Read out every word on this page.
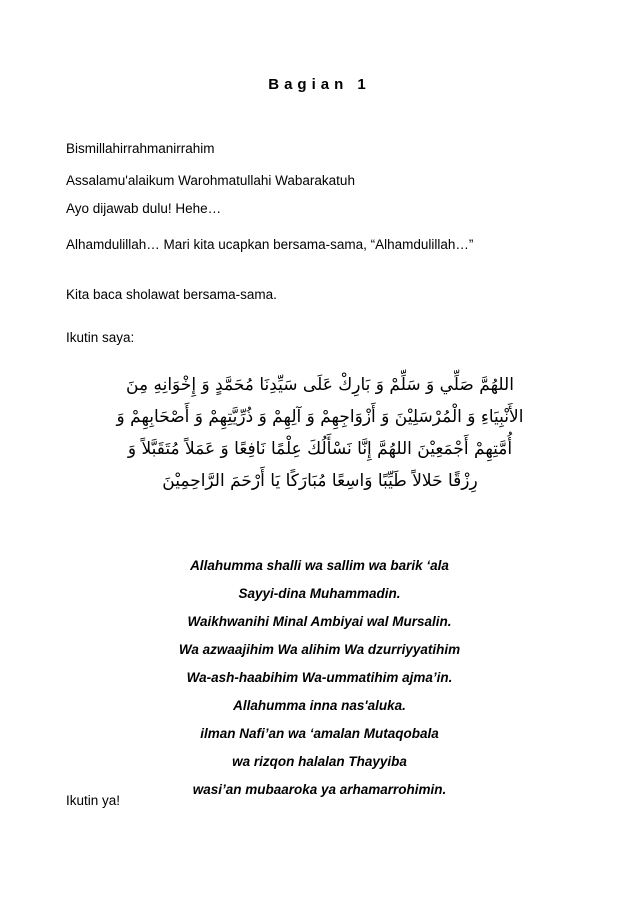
Bagian 1
Bismillahirrahmanirrahim
Assalamu'alaikum Warohmatullahi Wabarakatuh
Ayo dijawab dulu! Hehe…
Alhamdulillah… Mari kita ucapkan bersama-sama, “Alhamdulillah…”
Kita baca sholawat bersama-sama.
Ikutin saya:
اللهُمَّ صَلِّي وَ سَلِّمْ وَ بَارِكْ عَلَى سَيِّدِنَا مُحَمَّدٍ وَ إِخْوَانِهِ مِنَ
الأَنْبِيَاءِ وَ الْمُرْسَلِيْنَ وَ أَزْوَاجِهِمْ وَ آلِهِمْ وَ ذُرِّيَّتِهِمْ وَ أَصْحَابِهِمْ وَ
أُمَّتِهِمْ أَجْمَعِيْنَ اللهُمَّ إِنَّا نَسْأَلُكَ عِلْمًا نَافِعًا وَ عَمَلاً مُتَقَبَّلاً وَ
رِزْقًا حَلالاً طَيِّبًا وَاسِعًا مُبَارَكًا يَا أَرْحَمَ الرَّاحِمِيْنَ
Allahumma shalli wa sallim wa barik ‘ala
Sayyi-dina Muhammadin.
Waikhwanihi Minal Ambiyai wal Mursalin.
Wa azwaajihim Wa alihim Wa dzurriyyatihim
Wa-ash-haabihim Wa-ummatihim ajma’in.
Allahumma inna nas'aluka.
ilman Nafi’an wa ‘amalan Mutaqobala
wa rizqon halalan Thayyiba
wasi’an mubaaroka ya arhamarrohimin.
Ikutin ya!
